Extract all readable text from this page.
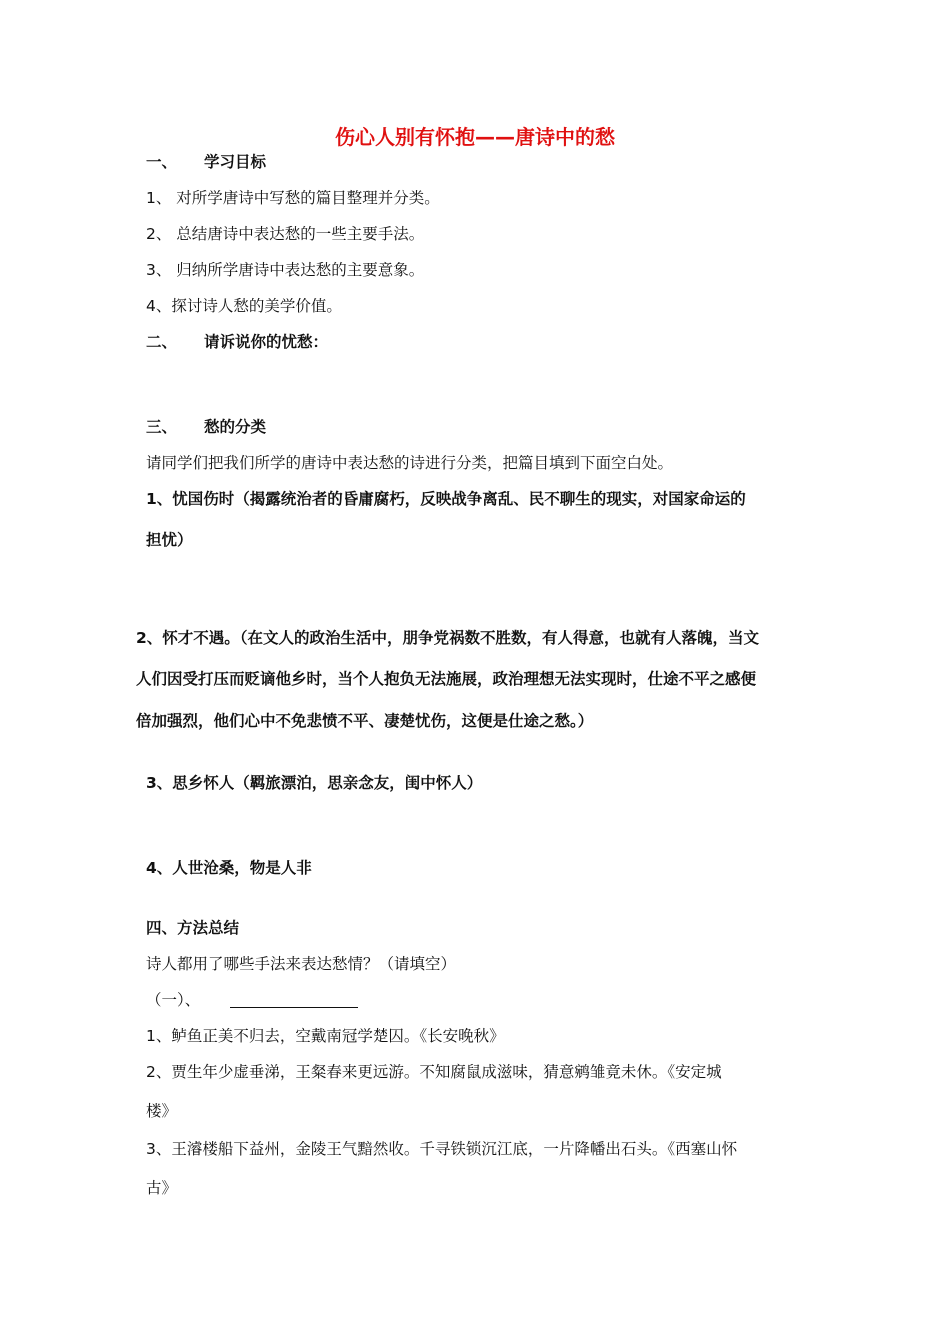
伤心人别有怀抱——唐诗中的愁
一、 学习目标
1、 对所学唐诗中写愁的篇目整理并分类。
2、 总结唐诗中表达愁的一些主要手法。
3、 归纳所学唐诗中表达愁的主要意象。
4、探讨诗人愁的美学价值。
二、 请诉说你的忧愁：
三、 愁的分类
请同学们把我们所学的唐诗中表达愁的诗进行分类，把篇目填到下面空白处。
1、忧国伤时（揭露统治者的昏庸腐朽，反映战争离乱、民不聊生的现实，对国家命运的
担忧）
2、怀才不遇。（在文人的政治生活中，朋争党祸数不胜数，有人得意，也就有人落魄，当文
人们因受打压而贬谪他乡时，当个人抱负无法施展，政治理想无法实现时，仕途不平之感便
倍加强烈，他们心中不免悲愤不平、凄楚忧伤，这便是仕途之愁。）
3、思乡怀人（羁旅漂泊，思亲念友，闺中怀人）
4、人世沧桑，物是人非
四、方法总结
诗人都用了哪些手法来表达愁情？（请填空）
（一）、
1、鲈鱼正美不归去，空戴南冠学楚囚。《长安晚秋》
2、贾生年少虚垂涕，王粲春来更远游。不知腐鼠成滋味，猜意鹓雏竟未休。《安定城
楼》
3、王濬楼船下益州，金陵王气黯然收。千寻铁锁沉江底，一片降幡出石头。《西塞山怀
古》
